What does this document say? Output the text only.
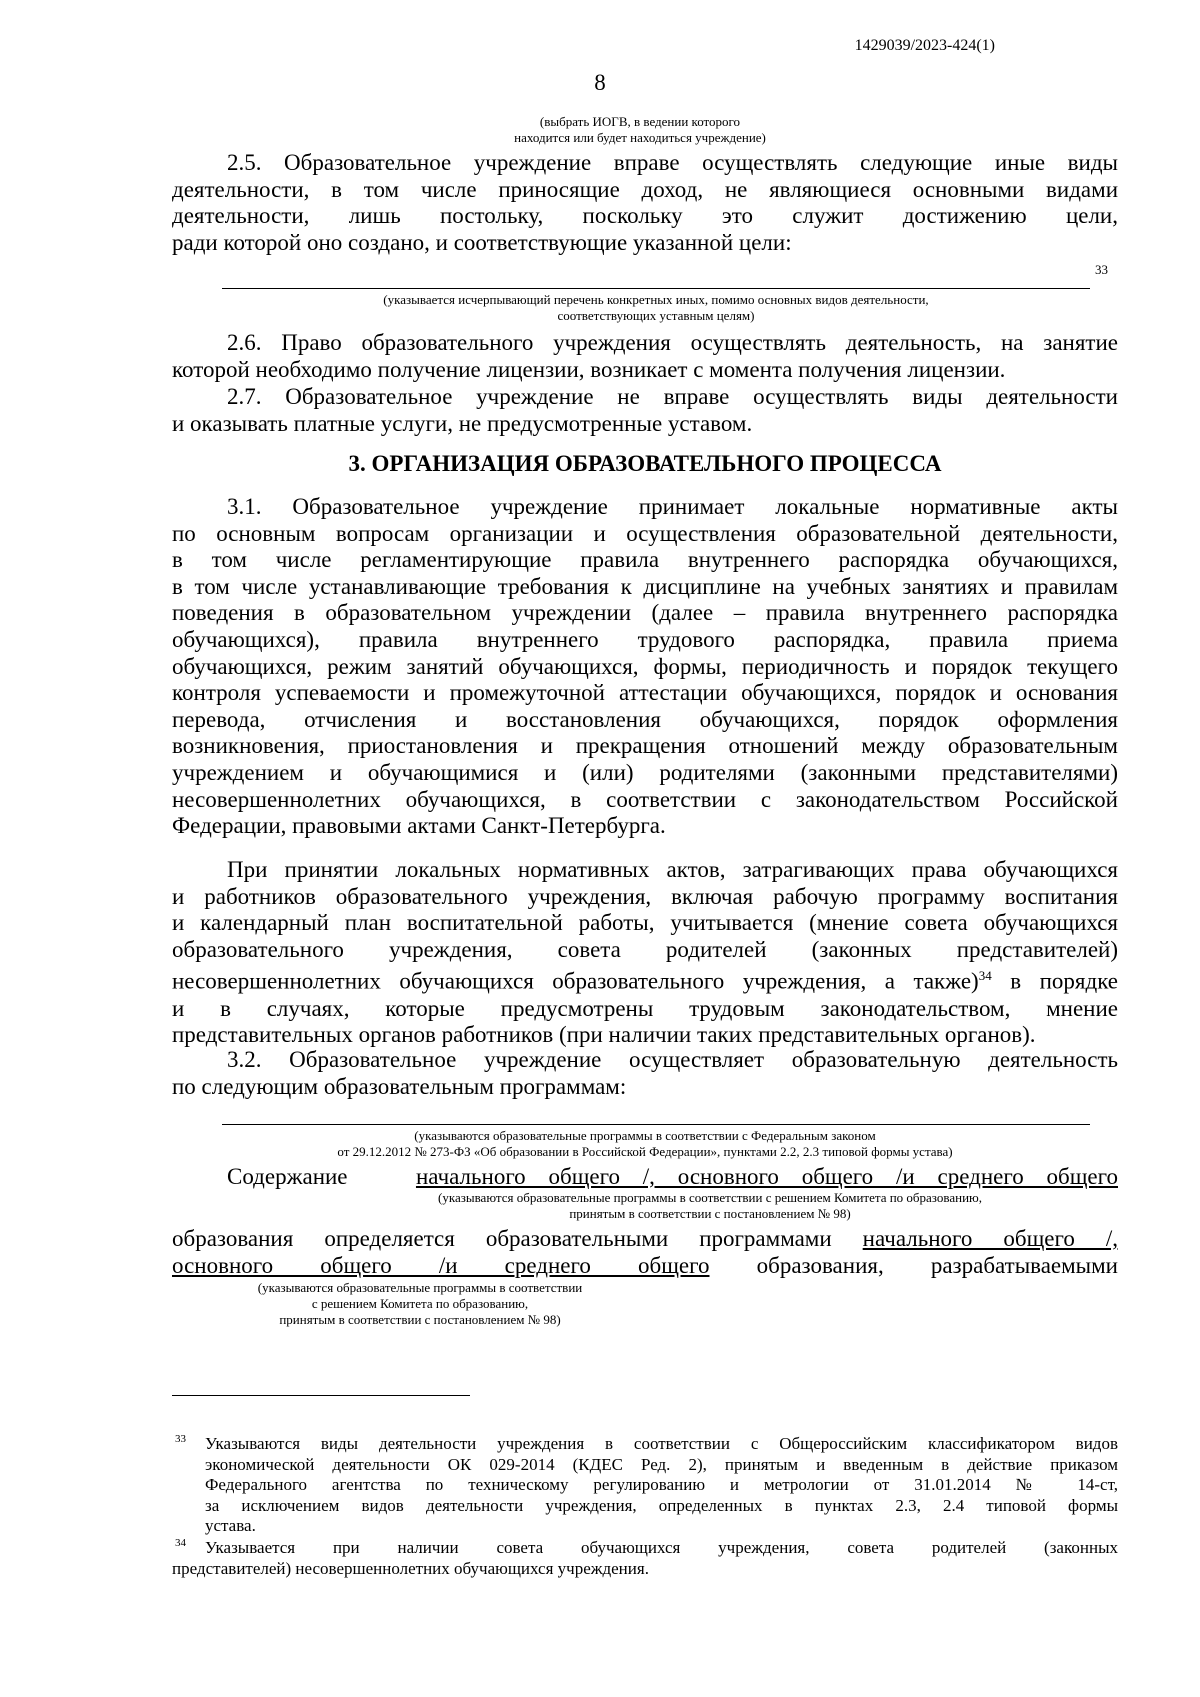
1429039/2023-424(1)
8
(выбрать ИОГВ, в ведении которого
находится или будет находиться учреждение)

2.5. Образовательное учреждение вправе осуществлять следующие иные виды

деятельности, в том числе приносящие доход, не являющиеся основными видами

деятельности, лишь постольку, поскольку это служит достижению цели,

ради которой оно создано, и соответствующие указанной цели:

33
(указывается исчерпывающий перечень конкретных иных, помимо основных видов деятельности,
соответствующих уставным целям)

2.6. Право образовательного учреждения осуществлять деятельность, на занятие

которой необходимо получение лицензии, возникает с момента получения лицензии.

2.7. Образовательное учреждение не вправе осуществлять виды деятельности

и оказывать платные услуги, не предусмотренные уставом.

3. ОРГАНИЗАЦИЯ ОБРАЗОВАТЕЛЬНОГО ПРОЦЕССА

3.1. Образовательное учреждение принимает локальные нормативные акты

по основным вопросам организации и осуществления образовательной деятельности,

в том числе регламентирующие правила внутреннего распорядка обучающихся,

в том числе устанавливающие требования к дисциплине на учебных занятиях и правилам

поведения в образовательном учреждении (далее – правила внутреннего распорядка

обучающихся), правила внутреннего трудового распорядка, правила приема

обучающихся, режим занятий обучающихся, формы, периодичность и порядок текущего

контроля успеваемости и промежуточной аттестации обучающихся, порядок и основания

перевода, отчисления и восстановления обучающихся, порядок оформления

возникновения, приостановления и прекращения отношений между образовательным

учреждением и обучающимися и (или) родителями (законными представителями)

несовершеннолетних обучающихся, в соответствии с законодательством Российской

Федерации, правовыми актами Санкт-Петербурга.

При принятии локальных нормативных актов, затрагивающих права обучающихся

и работников образовательного учреждения, включая рабочую программу воспитания

и календарный план воспитательной работы, учитывается (мнение совета обучающихся

образовательного учреждения, совета родителей (законных представителей)

несовершеннолетних обучающихся образовательного учреждения, а также)$^{34}$ в порядке

и в случаях, которые предусмотрены трудовым законодательством, мнение

представительных органов работников (при наличии таких представительных органов).

3.2. Образовательное учреждение осуществляет образовательную деятельность

по следующим образовательным программам:

(указываются образовательные программы в соответствии с Федеральным законом
от 29.12.2012 № 273-ФЗ «Об образовании в Российской Федерации», пунктами 2.2, 2.3 типовой формы устава)

Содержание	начального общего /, основного общего /и среднего общего

(указываются образовательные программы в соответствии с решением Комитета по образованию,
принятым в соответствии с постановлением № 98)

образования определяется образовательными программами начального общего /,

основного общего /и среднего общего образования, разрабатываемыми

(указываются образовательные программы в соответствии
с решением Комитета по образованию,
принятым в соответствии с постановлением № 98)
33 Указываются виды деятельности учреждения в соответствии с Общероссийским классификатором видов

экономической деятельности ОК 029-2014 (КДЕС Ред. 2), принятым и введенным в действие приказом

Федерального агентства по техническому регулированию и метрологии от 31.01.2014 № 14-ст,

за исключением видов деятельности учреждения, определенных в пунктах 2.3, 2.4 типовой формы

устава.

34 Указывается при наличии совета обучающихся учреждения, совета родителей (законных

представителей) несовершеннолетних обучающихся учреждения.
